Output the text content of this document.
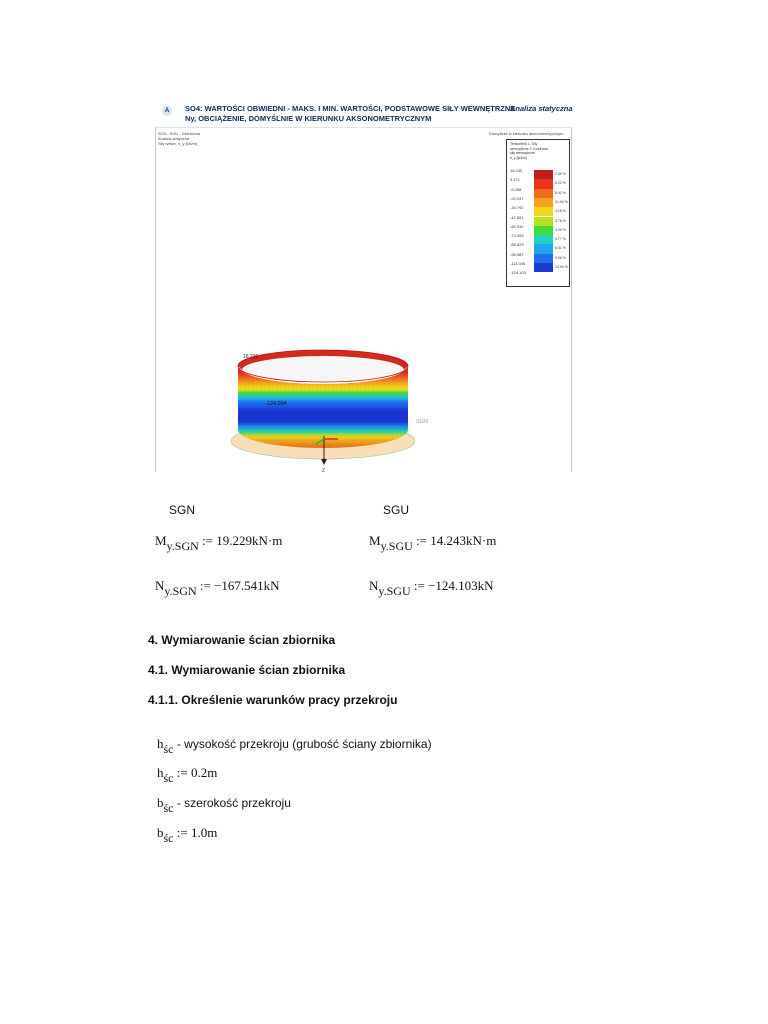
A	SO4: WARTOŚCI OBWIEDNI - MAKS. I MIN. WARTOŚCI, PODSTAWOWE SIŁY WEWNĘTRZNE
Ny, OBCIĄŻENIE, DOMYŚLNIE W KIERUNKU AKSONOMETRYCZNYM
Analiza statyczna
SO4 - SGU - Graniczna
Analiza statyczna
Siły wewn. n_y [kN/m]
Domyślnie w kierunku aksonometrycznym
Tensorfield 1: Siły
wewnętrzne 1: Kołdrowe
siły wewnętrzne
n_y [kN/m]
16.230
3.471
-9.288
-22.047
-34.792
-47.551
-60.310
-73.069
-85.829
-98.587
-111.346
-124.103
2.09 %
6.22 %
8.42 %
41.94 %
4.18 %
3.76 %
4.20 %
3.77 %
6.31 %
5.06 %
12.94 %
Z
16.230
-124.094
SGN
SGN	SGU
$M_{y.SGN}$ := 19.229kN·m	$M_{y.SGU}$ := 14.243kN·m
$N_{y.SGN}$ := −167.541kN	$N_{y.SGU}$ := −124.103kN
4. Wymiarowanie ścian zbiornika
4.1. Wymiarowanie ścian zbiornika
4.1.1. Określenie warunków pracy przekroju
$h_{śc}$ - wysokość przekroju (grubość ściany zbiornika)
$h_{śc}$ := 0.2m
$b_{śc}$ - szerokość przekroju
$b_{śc}$ := 1.0m
